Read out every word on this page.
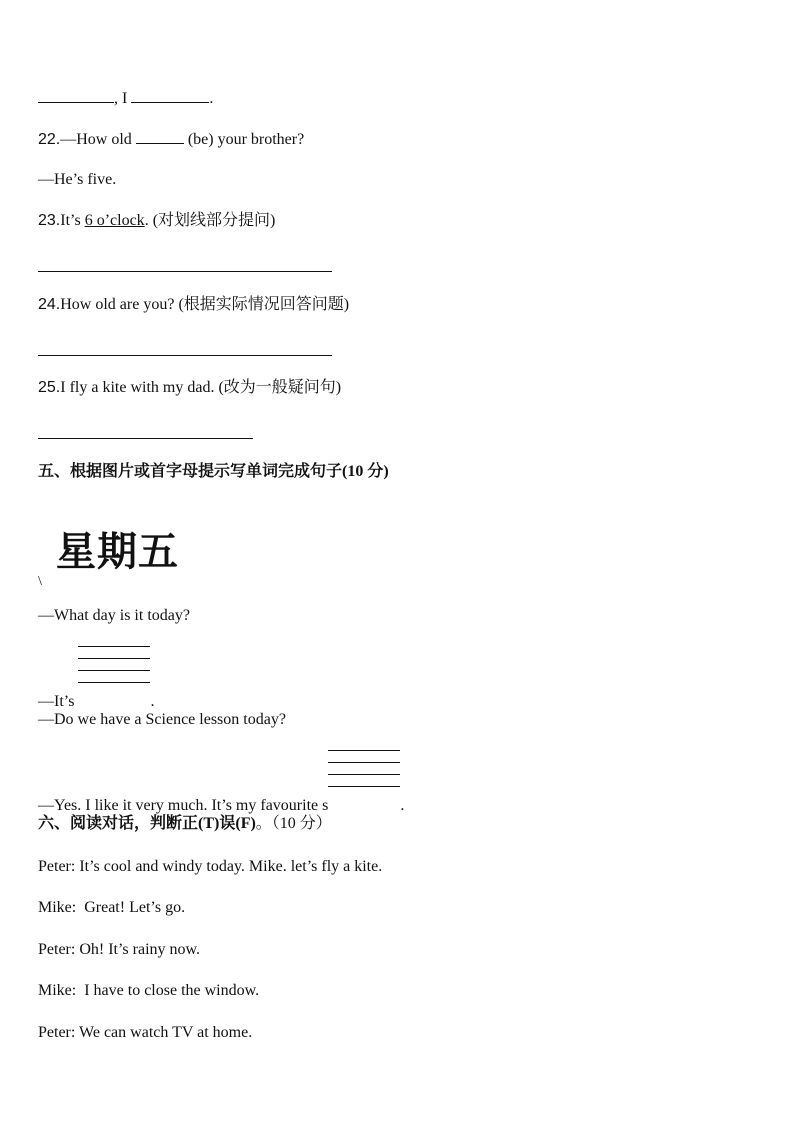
, I	.
22.—How old	(be) your brother?
—He’s five.
23.It’s 6 o’clock. (对划线部分提问)
24.How old are you? (根据实际情况回答问题)
25.I fly a kite with my dad. (改为一般疑问句)
五、根据图片或首字母提示写单词完成句子(10 分)
星期五
\
—What day is it today?
—It’s	.
—Do we have a Science lesson today?
—Yes. I like it very much. It’s my favourite s	.
六、阅读对话，判断正(T)误(F)。（10 分）
Peter: It’s cool and windy today. Mike. let’s fly a kite.
Mike:  Great! Let’s go.
Peter: Oh! It’s rainy now.
Mike:  I have to close the window.
Peter: We can watch TV at home.
